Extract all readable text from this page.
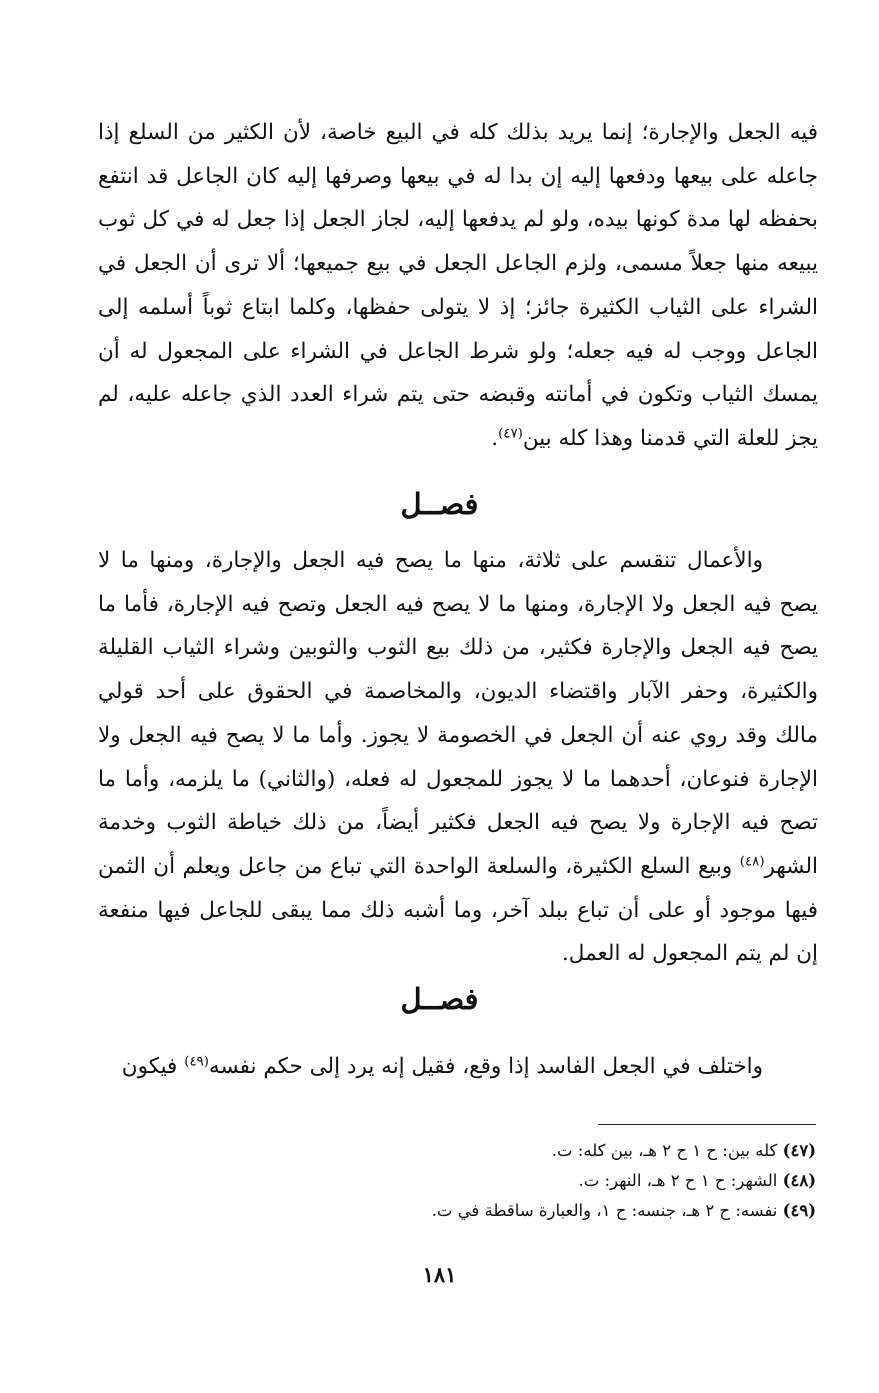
فيه الجعل والإجارة؛ إنما يريد بذلك كله في البيع خاصة، لأن الكثير من السلع إذا جاعله على بيعها ودفعها إليه إن بدا له في بيعها وصرفها إليه كان الجاعل قد انتفع بحفظه لها مدة كونها بيده، ولو لم يدفعها إليه، لجاز الجعل إذا جعل له في كل ثوب يبيعه منها جعلاً مسمى، ولزم الجاعل الجعل في بيع جميعها؛ ألا ترى أن الجعل في الشراء على الثياب الكثيرة جائز؛ إذ لا يتولى حفظها، وكلما ابتاع ثوباً أسلمه إلى الجاعل ووجب له فيه جعله؛ ولو شرط الجاعل في الشراء على المجعول له أن يمسك الثياب وتكون في أمانته وقبضه حتى يتم شراء العدد الذي جاعله عليه، لم يجز للعلة التي قدمنا وهذا كله بين$^{(٤٧)}$.

فصــل

والأعمال تنقسم على ثلاثة، منها ما يصح فيه الجعل والإجارة، ومنها ما لا يصح فيه الجعل ولا الإجارة، ومنها ما لا يصح فيه الجعل وتصح فيه الإجارة، فأما ما يصح فيه الجعل والإجارة فكثير، من ذلك بيع الثوب والثوبين وشراء الثياب القليلة والكثيرة، وحفر الآبار واقتضاء الديون، والمخاصمة في الحقوق على أحد قولي مالك وقد روي عنه أن الجعل في الخصومة لا يجوز. وأما ما لا يصح فيه الجعل ولا الإجارة فنوعان، أحدهما ما لا يجوز للمجعول له فعله، (والثاني) ما يلزمه، وأما ما تصح فيه الإجارة ولا يصح فيه الجعل فكثير أيضاً، من ذلك خياطة الثوب وخدمة الشهر$^{(٤٨)}$ وبيع السلع الكثيرة، والسلعة الواحدة التي تباع من جاعل ويعلم أن الثمن فيها موجود أو على أن تباع ببلد آخر، وما أشبه ذلك مما يبقى للجاعل فيها منفعة إن لم يتم المجعول له العمل.

فصــل

واختلف في الجعل الفاسد إذا وقع، فقيل إنه يرد إلى حكم نفسه$^{(٤٩)}$ فيكون

(٤٧) كله بين: ح ١ ح ٢ هـ، بين كله: ت.
(٤٨) الشهر: ح ١ ح ٢ هـ، النهر: ت.
(٤٩) نفسه: ح ٢ هـ، جنسه: ح ١، والعبارة ساقطة في ت.
١٨١
